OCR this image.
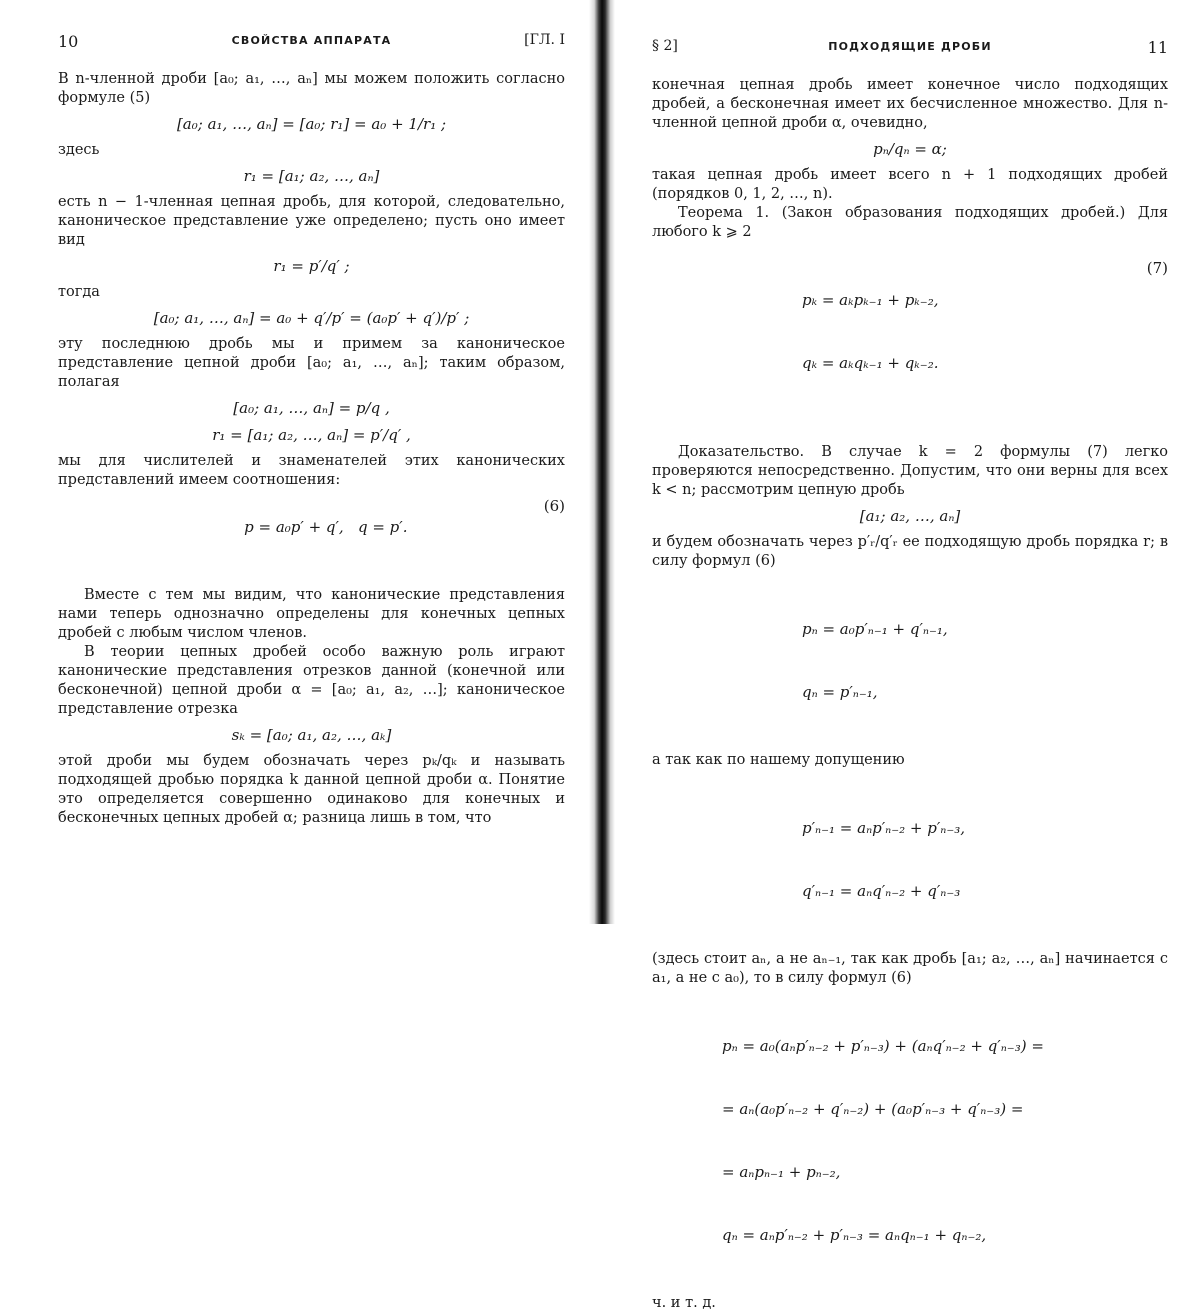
10	СВОЙСТВА АППАРАТА	[ГЛ. I

В n-членной дроби [a₀; a₁, …, aₙ] мы можем положить согласно формуле (5)

[a₀; a₁, …, aₙ] = [a₀; r₁] = a₀ + 1/r₁ ;

здесь

r₁ = [a₁; a₂, …, aₙ]

есть n − 1-членная цепная дробь, для которой, следовательно, каноническое представление уже определено; пусть оно имеет вид

r₁ = p′/q′ ;

тогда

[a₀; a₁, …, aₙ] = a₀ + q′/p′ = (a₀p′ + q′)/p′ ;

эту последнюю дробь мы и примем за каноническое представление цепной дроби [a₀; a₁, …, aₙ]; таким образом, полагая

[a₀; a₁, …, aₙ] = p/q ,
r₁ = [a₁; a₂, …, aₙ] = p′/q′ ,

мы для числителей и знаменателей этих канонических представлений имеем соотношения:

p = a₀p′ + q′,   q = p′.

(6)

Вместе с тем мы видим, что канонические представления нами теперь однозначно определены для конечных цепных дробей с любым числом членов.

В теории цепных дробей особо важную роль играют канонические представления отрезков данной (конечной или бесконечной) цепной дроби α = [a₀; a₁, a₂, …]; каноническое представление отрезка

sₖ = [a₀; a₁, a₂, …, aₖ]

этой дроби мы будем обозначать через pₖ/qₖ и называть подходящей дробью порядка k данной цепной дроби α. Понятие это определяется совершенно одинаково для конечных и бесконечных цепных дробей α; разница лишь в том, что

§ 2]	ПОДХОДЯЩИЕ ДРОБИ	11

конечная цепная дробь имеет конечное число подходящих дробей, а бесконечная имеет их бесчисленное множество. Для n-членной цепной дроби α, очевидно,

pₙ/qₙ = α;

такая цепная дробь имеет всего n + 1 подходящих дробей (порядков 0, 1, 2, …, n).

Теорема 1. (Закон образования подходящих дробей.) Для любого k ⩾ 2

pₖ = aₖpₖ₋₁ + pₖ₋₂,

qₖ = aₖqₖ₋₁ + qₖ₋₂.

(7)

Доказательство. В случае k = 2 формулы (7) легко проверяются непосредственно. Допустим, что они верны для всех k < n; рассмотрим цепную дробь

[a₁; a₂, …, aₙ]

и будем обозначать через p′ᵣ/q′ᵣ ее подходящую дробь порядка r; в силу формул (6)

pₙ = a₀p′ₙ₋₁ + q′ₙ₋₁,

qₙ = p′ₙ₋₁,

а так как по нашему допущению

p′ₙ₋₁ = aₙp′ₙ₋₂ + p′ₙ₋₃,

q′ₙ₋₁ = aₙq′ₙ₋₂ + q′ₙ₋₃

(здесь стоит aₙ, а не aₙ₋₁, так как дробь [a₁; a₂, …, aₙ] начинается с a₁, а не с a₀), то в силу формул (6)

pₙ = a₀(aₙp′ₙ₋₂ + p′ₙ₋₃) + (aₙq′ₙ₋₂ + q′ₙ₋₃) =

= aₙ(a₀p′ₙ₋₂ + q′ₙ₋₂) + (a₀p′ₙ₋₃ + q′ₙ₋₃) =

= aₙpₙ₋₁ + pₙ₋₂,

qₙ = aₙp′ₙ₋₂ + p′ₙ₋₃ = aₙqₙ₋₁ + qₙ₋₂,

ч. и т. д.
